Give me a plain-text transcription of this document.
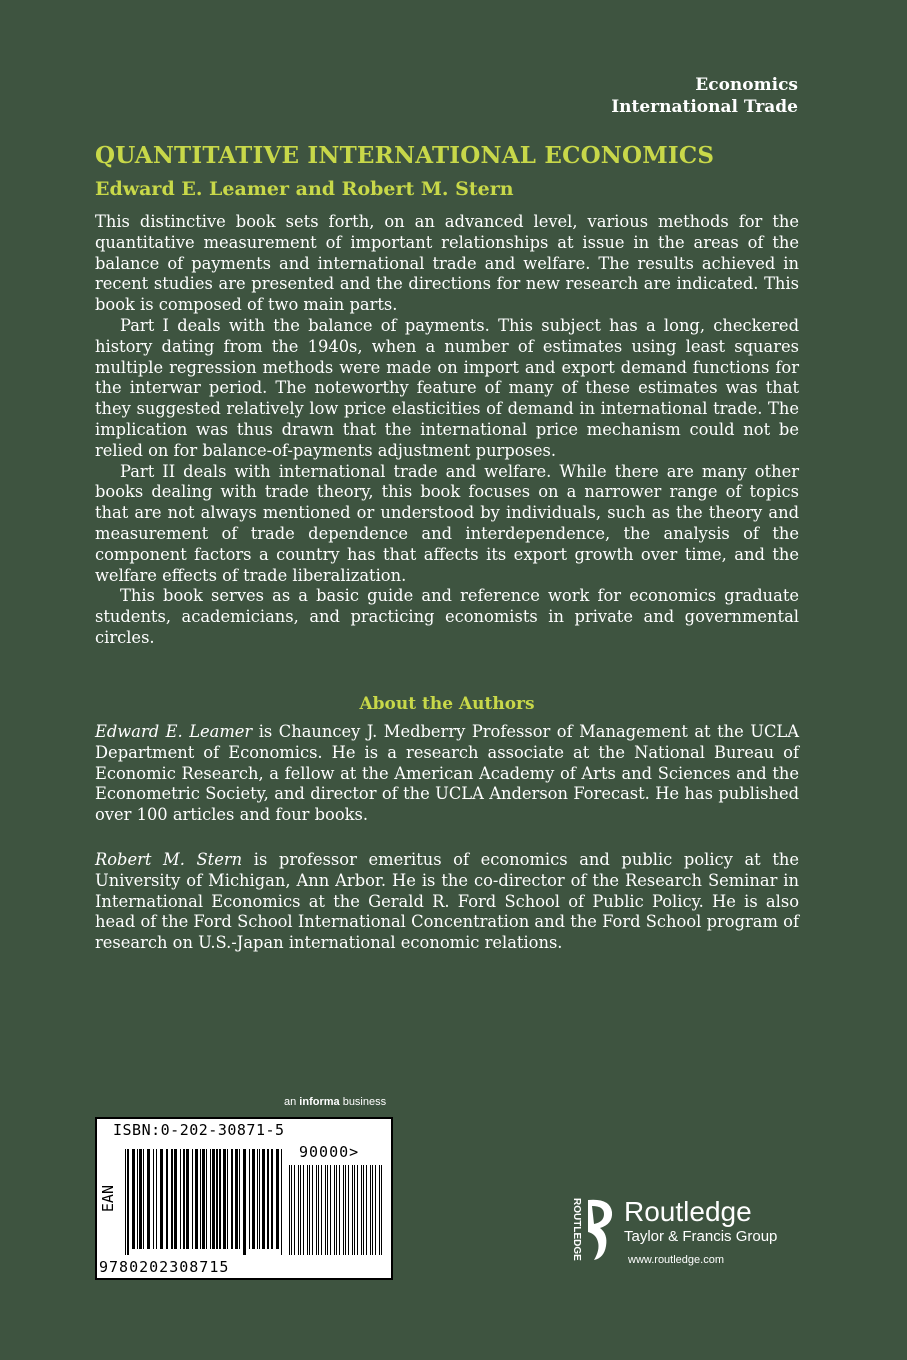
Economics
International Trade
QUANTITATIVE INTERNATIONAL ECONOMICS
Edward E. Leamer and Robert M. Stern

This distinctive book sets forth, on an advanced level, various methods for the quantitative measurement of important relationships at issue in the areas of the balance of payments and international trade and welfare. The results achieved in recent studies are presented and the directions for new research are indicated. This book is composed of two main parts.

Part I deals with the balance of payments. This subject has a long, checkered history dating from the 1940s, when a number of estimates using least squares multiple regression methods were made on import and export demand functions for the interwar period. The noteworthy feature of many of these estimates was that they suggested relatively low price elasticities of demand in international trade. The implication was thus drawn that the international price mechanism could not be relied on for balance-of-payments adjustment purposes.

Part II deals with international trade and welfare. While there are many other books dealing with trade theory, this book focuses on a narrower range of topics that are not always mentioned or understood by individuals, such as the theory and measurement of trade dependence and interdependence, the analysis of the component factors a country has that affects its export growth over time, and the welfare effects of trade liberalization.

This book serves as a basic guide and reference work for economics graduate students, academicians, and practicing economists in private and governmental circles.

About the Authors
Edward E. Leamer is Chauncey J. Medberry Professor of Management at the UCLA Department of Economics. He is a research associate at the National Bureau of Economic Research, a fellow at the American Academy of Arts and Sciences and the Econometric Society, and director of the UCLA Anderson Forecast. He has published over 100 articles and four books.
Robert M. Stern is professor emeritus of economics and public policy at the University of Michigan, Ann Arbor. He is the co-director of the Research Seminar in International Economics at the Gerald R. Ford School of Public Policy. He is also head of the Ford School International Concentration and the Ford School program of research on U.S.-Japan international economic relations.
an informa business
ISBN:0-202-30871-5
90000>
EAN
9780202308715
ROUTLEDGE Routledge
Taylor & Francis Group
www.routledge.com
